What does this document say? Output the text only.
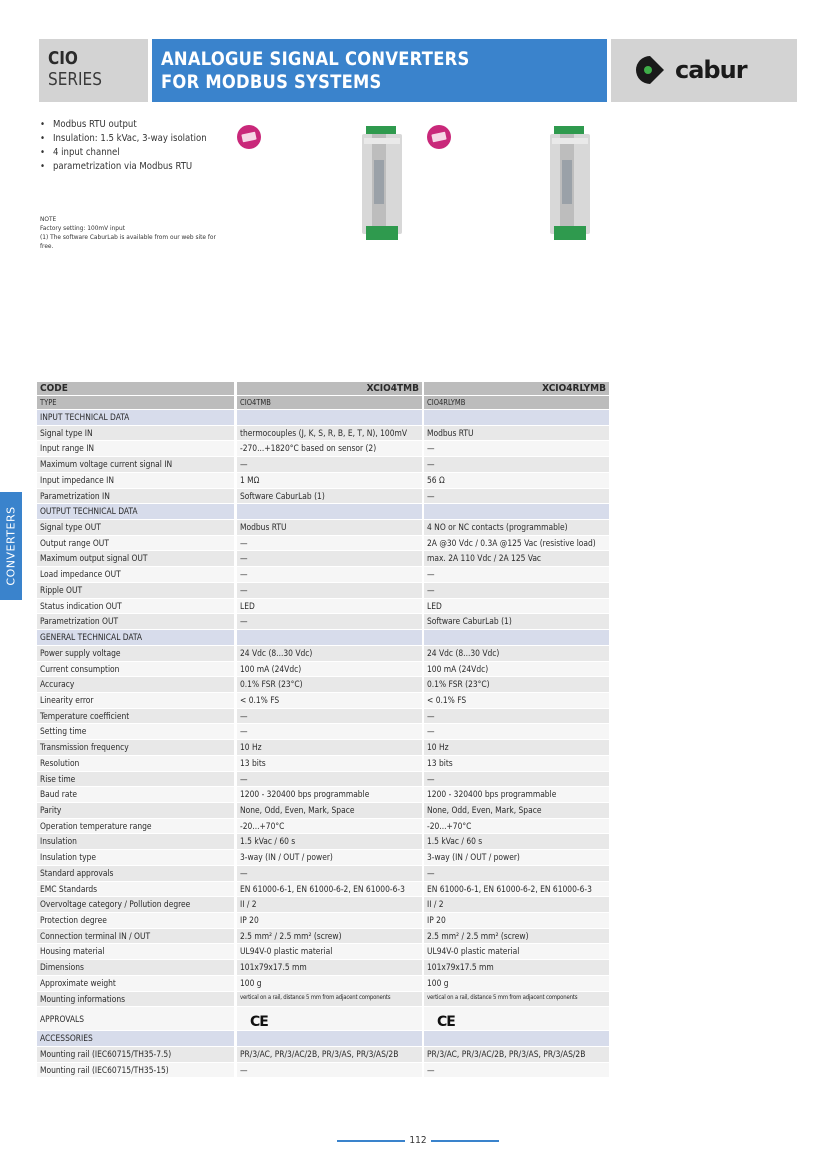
CIO
SERIES
ANALOGUE SIGNAL CONVERTERS
FOR MODBUS SYSTEMS	cabur
CONVERTERS
• Modbus RTU output
• Insulation: 1.5 kVac, 3-way isolation
• 4 input channel
• parametrization via Modbus RTU
NOTE
Factory setting: 100mV input
(1) The software CaburLab is available from our web site for free.
CODE	XCIO4TMB	XCIO4RLYMB
TYPE	CIO4TMB	CIO4RLYMB
INPUT TECHNICAL DATA
Signal type IN	thermocouples (J, K, S, R, B, E, T, N), 100mV	Modbus RTU
Input range IN	-270...+1820°C based on sensor (2)	—
Maximum voltage current signal IN	—	—
Input impedance IN	1 MΩ	56 Ω
Parametrization IN	Software CaburLab (1)	—
OUTPUT TECHNICAL DATA
Signal type OUT	Modbus RTU	4 NO or NC contacts (programmable)
Output range OUT	—	2A @30 Vdc / 0.3A @125 Vac (resistive load)
Maximum output signal OUT	—	max. 2A 110 Vdc / 2A 125 Vac
Load impedance OUT	—	—
Ripple OUT	—	—
Status indication OUT	LED	LED
Parametrization OUT	—	Software CaburLab (1)
GENERAL TECHNICAL DATA
Power supply voltage	24 Vdc (8...30 Vdc)	24 Vdc (8...30 Vdc)
Current consumption	100 mA (24Vdc)	100 mA (24Vdc)
Accuracy	0.1% FSR (23°C)	0.1% FSR (23°C)
Linearity error	< 0.1% FS	< 0.1% FS
Temperature coefficient	—	—
Setting time	—	—
Transmission frequency	10 Hz	10 Hz
Resolution	13 bits	13 bits
Rise time	—	—
Baud rate	1200 - 320400 bps programmable	1200 - 320400 bps programmable
Parity	None, Odd, Even, Mark, Space	None, Odd, Even, Mark, Space
Operation temperature range	-20...+70°C	-20...+70°C
Insulation	1.5 kVac / 60 s	1.5 kVac / 60 s
Insulation type	3-way (IN / OUT / power)	3-way (IN / OUT / power)
Standard approvals	—	—
EMC Standards	EN 61000-6-1, EN 61000-6-2, EN 61000-6-3	EN 61000-6-1, EN 61000-6-2, EN 61000-6-3
Overvoltage category / Pollution degree	II / 2	II / 2
Protection degree	IP 20	IP 20
Connection terminal IN / OUT	2.5 mm² / 2.5 mm² (screw)	2.5 mm² / 2.5 mm² (screw)
Housing material	UL94V-0 plastic material	UL94V-0 plastic material
Dimensions	101x79x17.5 mm	101x79x17.5 mm
Approximate weight	100 g	100 g
Mounting informations	vertical on a rail, distance 5 mm from adjacent components	vertical on a rail, distance 5 mm from adjacent components
APPROVALS	CE	CE
ACCESSORIES
Mounting rail (IEC60715/TH35-7.5)	PR/3/AC, PR/3/AC/2B, PR/3/AS, PR/3/AS/2B	PR/3/AC, PR/3/AC/2B, PR/3/AS, PR/3/AS/2B
Mounting rail (IEC60715/TH35-15)	—	—
112
